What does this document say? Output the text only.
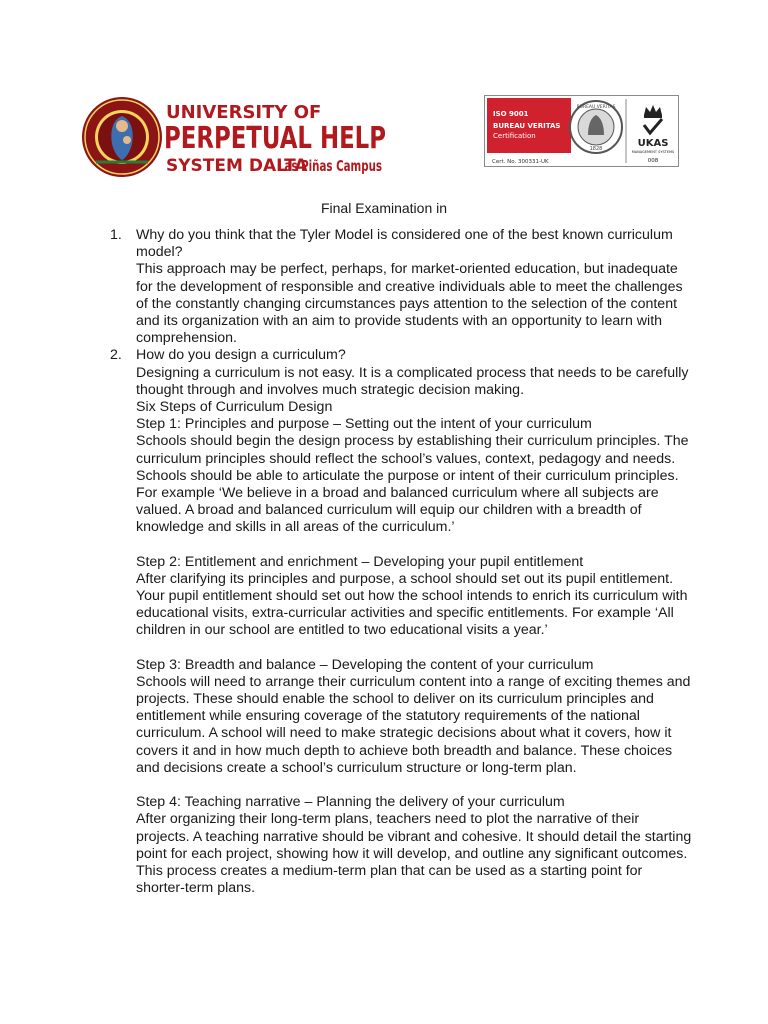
UNIVERSITY OF
PERPETUAL HELP
SYSTEM DALTA
Las Piñas Campus
ISO 9001
BUREAU VERITAS
Certification
Cert. No. 300331-UK
BUREAU VERITAS
1828	UKAS
MANAGEMENT SYSTEMS
008
Final Examination in
1. Why do you think that the Tyler Model is considered one of the best known curriculum
model?
This approach may be perfect, perhaps, for market-oriented education, but inadequate
for the development of responsible and creative individuals able to meet the challenges
of the constantly changing circumstances pays attention to the selection of the content
and its organization with an aim to provide students with an opportunity to learn with
comprehension.
2. How do you design a curriculum?
Designing a curriculum is not easy. It is a complicated process that needs to be carefully
thought through and involves much strategic decision making.
Six Steps of Curriculum Design
Step 1: Principles and purpose – Setting out the intent of your curriculum
Schools should begin the design process by establishing their curriculum principles. The
curriculum principles should reflect the school’s values, context, pedagogy and needs.
Schools should be able to articulate the purpose or intent of their curriculum principles.
For example ‘We believe in a broad and balanced curriculum where all subjects are
valued. A broad and balanced curriculum will equip our children with a breadth of
knowledge and skills in all areas of the curriculum.’
Step 2: Entitlement and enrichment – Developing your pupil entitlement
After clarifying its principles and purpose, a school should set out its pupil entitlement.
Your pupil entitlement should set out how the school intends to enrich its curriculum with
educational visits, extra-curricular activities and specific entitlements. For example ‘All
children in our school are entitled to two educational visits a year.’
Step 3: Breadth and balance – Developing the content of your curriculum
Schools will need to arrange their curriculum content into a range of exciting themes and
projects. These should enable the school to deliver on its curriculum principles and
entitlement while ensuring coverage of the statutory requirements of the national
curriculum. A school will need to make strategic decisions about what it covers, how it
covers it and in how much depth to achieve both breadth and balance. These choices
and decisions create a school’s curriculum structure or long-term plan.
Step 4: Teaching narrative – Planning the delivery of your curriculum
After organizing their long-term plans, teachers need to plot the narrative of their
projects. A teaching narrative should be vibrant and cohesive. It should detail the starting
point for each project, showing how it will develop, and outline any significant outcomes.
This process creates a medium-term plan that can be used as a starting point for
shorter-term plans.
